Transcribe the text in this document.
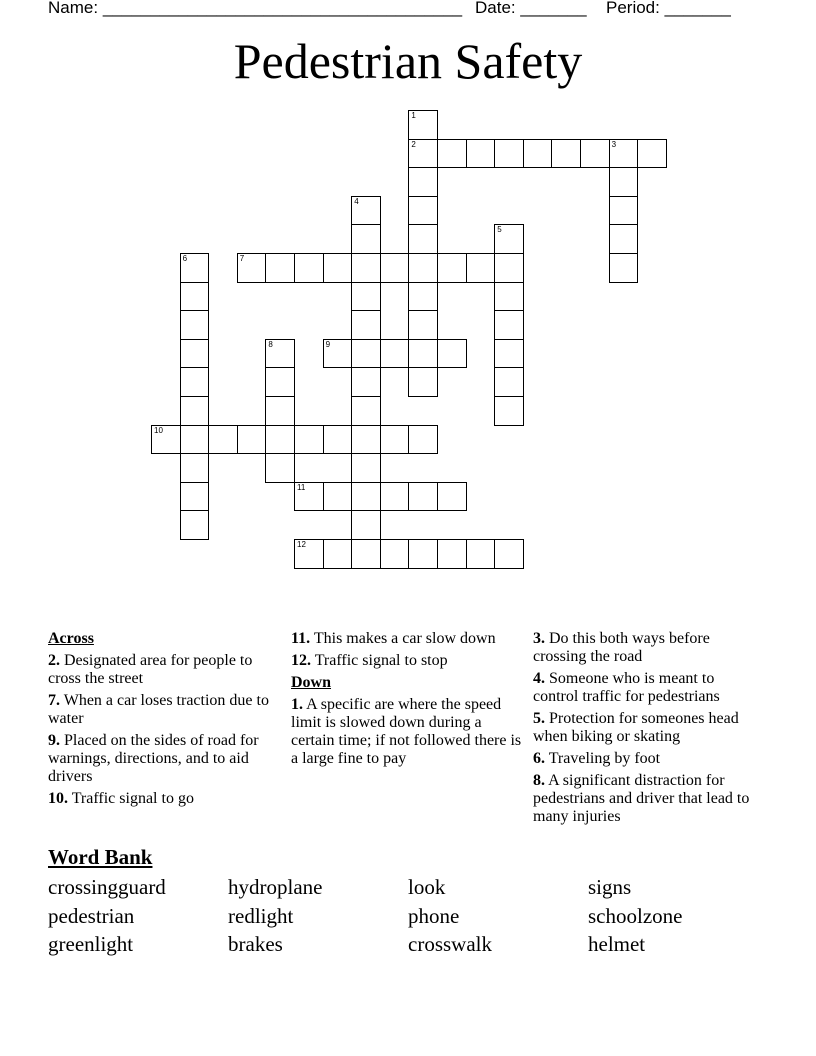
Name: ______________________________________ Date: _______ Period: _______
Pedestrian Safety
2	3
7
9
10
11
12
1
4
5
6
8
Across
2. Designated area for people to cross the street
7. When a car loses traction due to water
9. Placed on the sides of road for warnings, directions, and to aid drivers
10. Traffic signal to go
11. This makes a car slow down
12. Traffic signal to stop
Down
1. A specific are where the speed limit is slowed down during a certain time; if not followed there is a large fine to pay
3. Do this both ways before crossing the road
4. Someone who is meant to control traffic for pedestrians
5. Protection for someones head when biking or skating
6. Traveling by foot
8. A significant distraction for pedestrians and driver that lead to many injuries
Word Bank
crossingguard	hydroplane	look	signs
pedestrian	redlight	phone	schoolzone
greenlight	brakes	crosswalk	helmet
